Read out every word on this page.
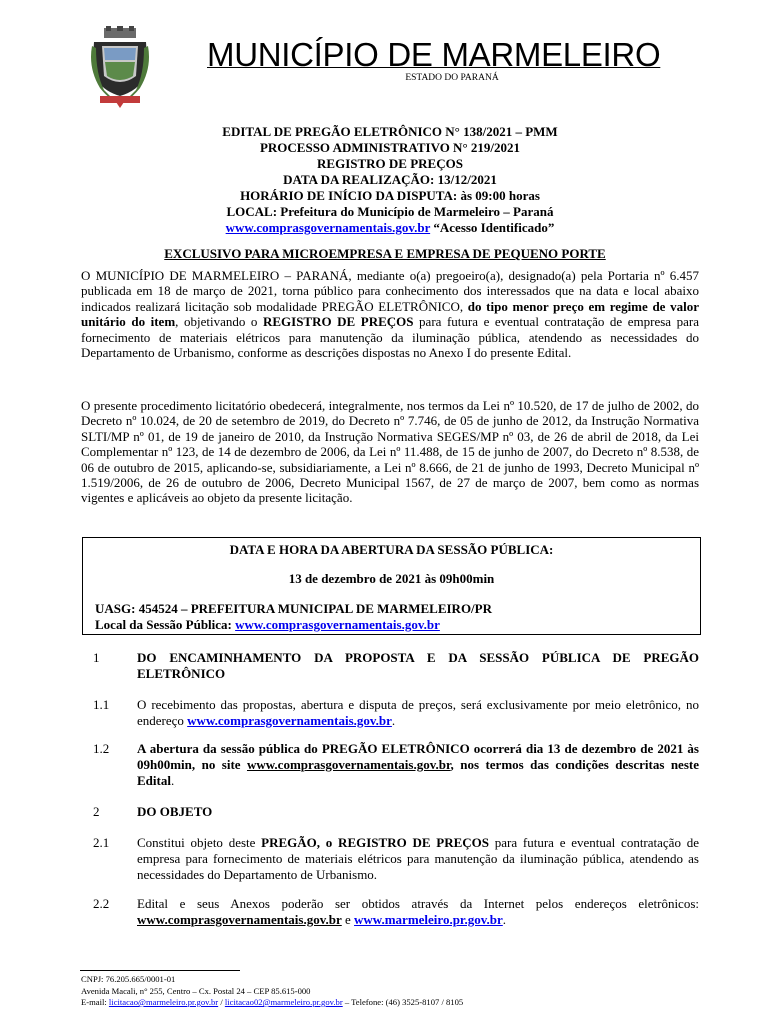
MUNICÍPIO DE MARMELEIRO
ESTADO DO PARANÁ
EDITAL DE PREGÃO ELETRÔNICO N° 138/2021 – PMM
PROCESSO ADMINISTRATIVO N° 219/2021
REGISTRO DE PREÇOS
DATA DA REALIZAÇÃO: 13/12/2021
HORÁRIO DE INÍCIO DA DISPUTA: às 09:00 horas
LOCAL: Prefeitura do Município de Marmeleiro – Paraná
www.comprasgovernamentais.gov.br “Acesso Identificado”
EXCLUSIVO PARA MICROEMPRESA E EMPRESA DE PEQUENO PORTE
O MUNICÍPIO DE MARMELEIRO – PARANÁ, mediante o(a) pregoeiro(a), designado(a) pela Portaria nº 6.457 publicada em 18 de março de 2021, torna público para conhecimento dos interessados que na data e local abaixo indicados realizará licitação sob modalidade PREGÃO ELETRÔNICO, do tipo menor preço em regime de valor unitário do item, objetivando o REGISTRO DE PREÇOS para futura e eventual contratação de empresa para fornecimento de materiais elétricos para manutenção da iluminação pública, atendendo as necessidades do Departamento de Urbanismo, conforme as descrições dispostas no Anexo I do presente Edital.
O presente procedimento licitatório obedecerá, integralmente, nos termos da Lei nº 10.520, de 17 de julho de 2002, do Decreto nº 10.024, de 20 de setembro de 2019, do Decreto nº 7.746, de 05 de junho de 2012, da Instrução Normativa SLTI/MP nº 01, de 19 de janeiro de 2010, da Instrução Normativa SEGES/MP nº 03, de 26 de abril de 2018, da Lei Complementar nº 123, de 14 de dezembro de 2006, da Lei nº 11.488, de 15 de junho de 2007, do Decreto nº 8.538, de 06 de outubro de 2015, aplicando-se, subsidiariamente, a Lei nº 8.666, de 21 de junho de 1993, Decreto Municipal nº 1.519/2006, de 26 de outubro de 2006, Decreto Municipal 1567, de 27 de março de 2007, bem como as normas vigentes e aplicáveis ao objeto da presente licitação.
DATA E HORA DA ABERTURA DA SESSÃO PÚBLICA:
13 de dezembro de 2021 às 09h00min
UASG: 454524 – PREFEITURA MUNICIPAL DE MARMELEIRO/PR
Local da Sessão Pública: www.comprasgovernamentais.gov.br
1	DO ENCAMINHAMENTO DA PROPOSTA E DA SESSÃO PÚBLICA DE PREGÃO ELETRÔNICO
1.1 O recebimento das propostas, abertura e disputa de preços, será exclusivamente por meio eletrônico, no endereço www.comprasgovernamentais.gov.br.
1.2 A abertura da sessão pública do PREGÃO ELETRÔNICO ocorrerá dia 13 de dezembro de 2021 às 09h00min, no site www.comprasgovernamentais.gov.br, nos termos das condições descritas neste Edital.
2	DO OBJETO
2.1 Constitui objeto deste PREGÃO, o REGISTRO DE PREÇOS para futura e eventual contratação de empresa para fornecimento de materiais elétricos para manutenção da iluminação pública, atendendo as necessidades do Departamento de Urbanismo.
2.2 Edital e seus Anexos poderão ser obtidos através da Internet pelos endereços eletrônicos: www.comprasgovernamentais.gov.br e www.marmeleiro.pr.gov.br.
CNPJ: 76.205.665/0001-01
Avenida Macali, n° 255, Centro – Cx. Postal 24 – CEP 85.615-000
E-mail: licitacao@marmeleiro.pr.gov.br / licitacao02@marmeleiro.pr.gov.br – Telefone: (46) 3525-8107 / 8105
